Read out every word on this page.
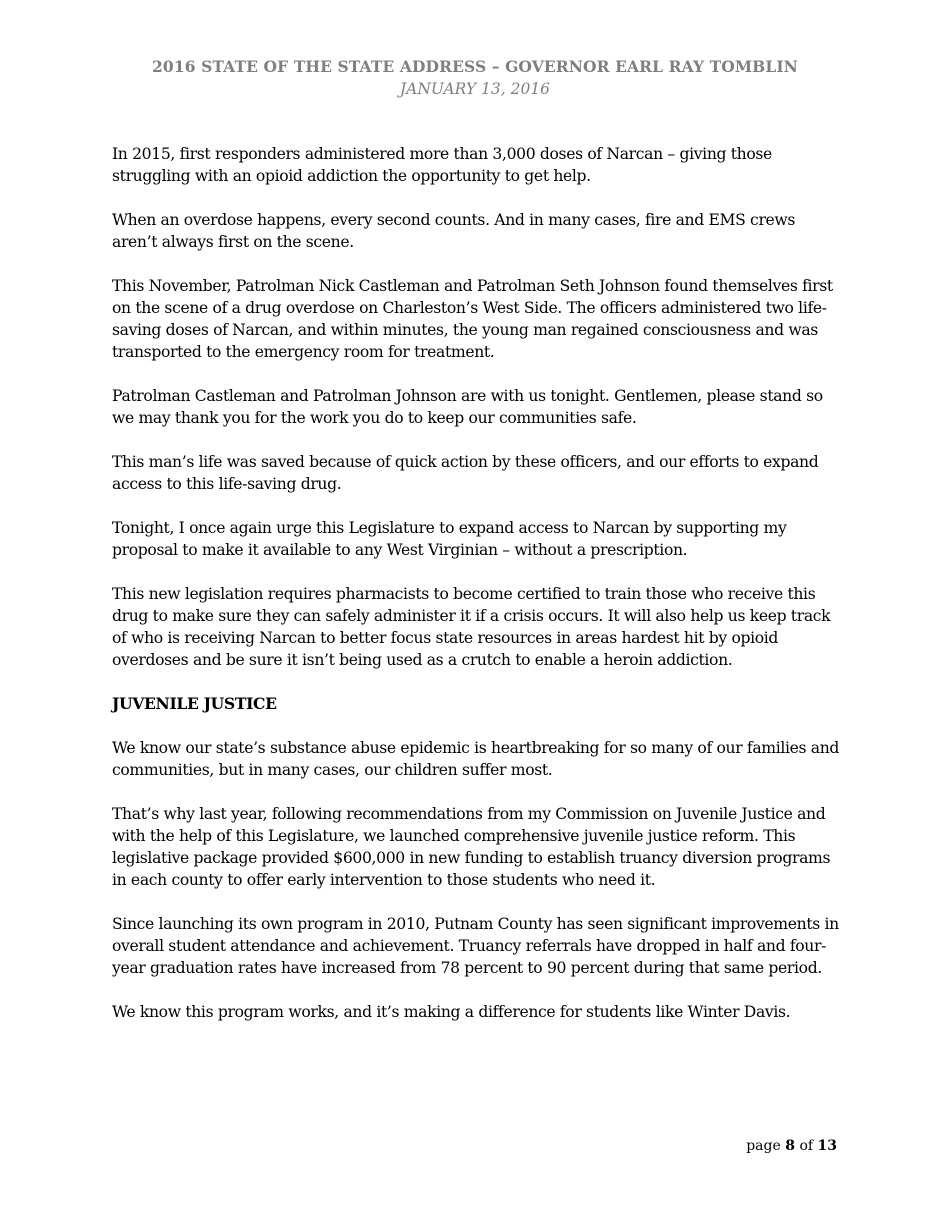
2016 STATE OF THE STATE ADDRESS – GOVERNOR EARL RAY TOMBLIN
JANUARY 13, 2016

In 2015, first responders administered more than 3,000 doses of Narcan – giving those struggling with an opioid addiction the opportunity to get help.

When an overdose happens, every second counts. And in many cases, fire and EMS crews aren’t always first on the scene.

This November, Patrolman Nick Castleman and Patrolman Seth Johnson found themselves first on the scene of a drug overdose on Charleston’s West Side. The officers administered two life-saving doses of Narcan, and within minutes, the young man regained consciousness and was transported to the emergency room for treatment.

Patrolman Castleman and Patrolman Johnson are with us tonight. Gentlemen, please stand so we may thank you for the work you do to keep our communities safe.

This man’s life was saved because of quick action by these officers, and our efforts to expand access to this life-saving drug.

Tonight, I once again urge this Legislature to expand access to Narcan by supporting my proposal to make it available to any West Virginian – without a prescription.

This new legislation requires pharmacists to become certified to train those who receive this drug to make sure they can safely administer it if a crisis occurs. It will also help us keep track of who is receiving Narcan to better focus state resources in areas hardest hit by opioid overdoses and be sure it isn’t being used as a crutch to enable a heroin addiction.

JUVENILE JUSTICE

We know our state’s substance abuse epidemic is heartbreaking for so many of our families and communities, but in many cases, our children suffer most.

That’s why last year, following recommendations from my Commission on Juvenile Justice and with the help of this Legislature, we launched comprehensive juvenile justice reform. This legislative package provided $600,000 in new funding to establish truancy diversion programs in each county to offer early intervention to those students who need it.

Since launching its own program in 2010, Putnam County has seen significant improvements in overall student attendance and achievement. Truancy referrals have dropped in half and four-year graduation rates have increased from 78 percent to 90 percent during that same period.

We know this program works, and it’s making a difference for students like Winter Davis.

page 8 of 13
